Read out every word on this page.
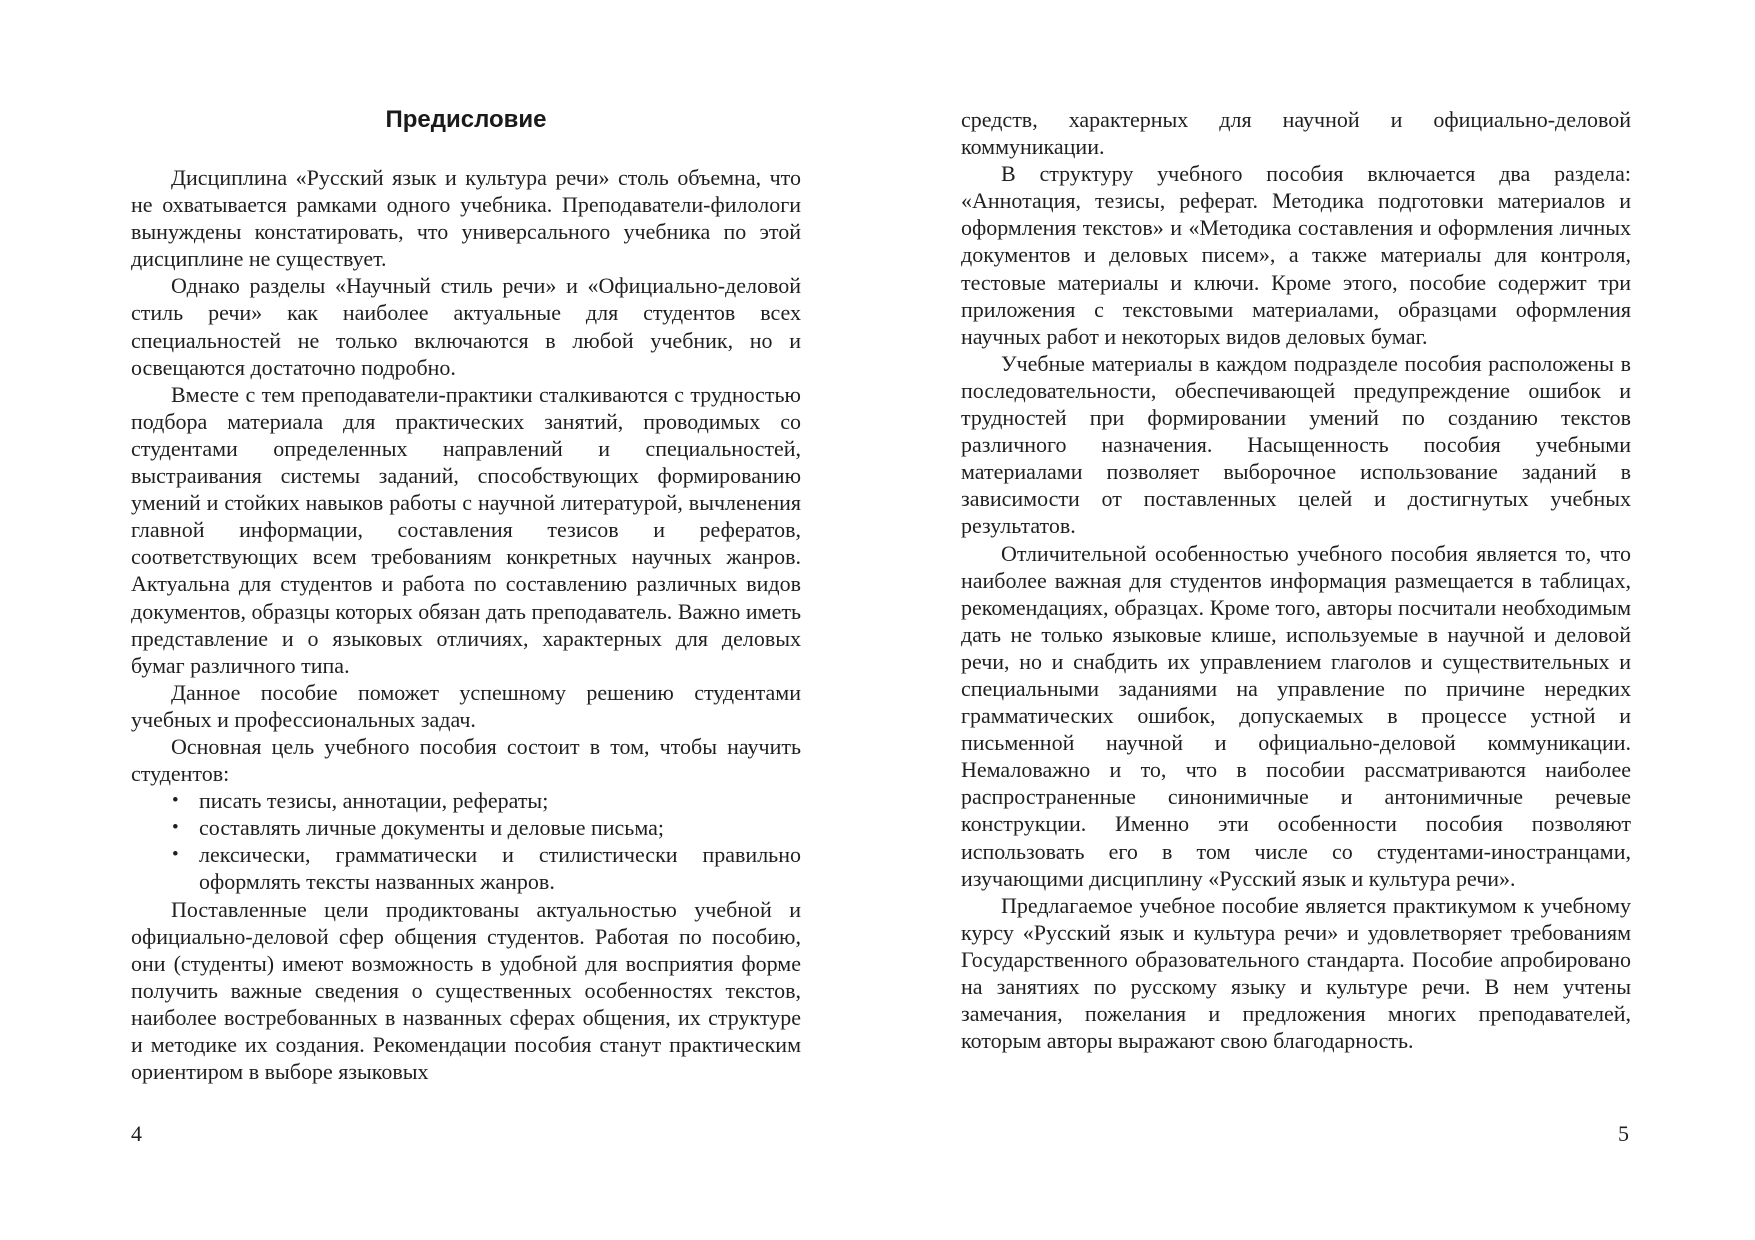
Предисловие

Дисциплина «Русский язык и культура речи» столь объемна, что не охватывается рамками одного учебника. Преподаватели-филологи вынуждены констатировать, что универсального учебника по этой дисциплине не существует.

Однако разделы «Научный стиль речи» и «Официально-деловой стиль речи» как наиболее актуальные для студентов всех специальностей не только включаются в любой учебник, но и освещаются достаточно подробно.

Вместе с тем преподаватели-практики сталкиваются с трудностью подбора материала для практических занятий, проводимых со студентами определенных направлений и специальностей, выстраивания системы заданий, способствующих формированию умений и стойких навыков работы с научной литературой, вычленения главной информации, составления тезисов и рефератов, соответствующих всем требованиям конкретных научных жанров. Актуальна для студентов и работа по составлению различных видов документов, образцы которых обязан дать преподаватель. Важно иметь представление и о языковых отличиях, характерных для деловых бумаг различного типа.

Данное пособие поможет успешному решению студентами учебных и профессиональных задач.

Основная цель учебного пособия состоит в том, чтобы научить студентов:

• писать тезисы, аннотации, рефераты;
• составлять личные документы и деловые письма;
• лексически, грамматически и стилистически правильно оформлять тексты названных жанров.

Поставленные цели продиктованы актуальностью учебной и официально-деловой сфер общения студентов. Работая по пособию, они (студенты) имеют возможность в удобной для восприятия форме получить важные сведения о существенных особенностях текстов, наиболее востребованных в названных сферах общения, их структуре и методике их создания. Рекомендации пособия станут практическим ориентиром в выборе языковых

4

средств, характерных для научной и официально-деловой коммуникации.

В структуру учебного пособия включается два раздела: «Аннотация, тезисы, реферат. Методика подготовки материалов и оформления текстов» и «Методика составления и оформления личных документов и деловых писем», а также материалы для контроля, тестовые материалы и ключи. Кроме этого, пособие содержит три приложения с текстовыми материалами, образцами оформления научных работ и некоторых видов деловых бумаг.

Учебные материалы в каждом подразделе пособия расположены в последовательности, обеспечивающей предупреждение ошибок и трудностей при формировании умений по созданию текстов различного назначения. Насыщенность пособия учебными материалами позволяет выборочное использование заданий в зависимости от поставленных целей и достигнутых учебных результатов.

Отличительной особенностью учебного пособия является то, что наиболее важная для студентов информация размещается в таблицах, рекомендациях, образцах. Кроме того, авторы посчитали необходимым дать не только языковые клише, используемые в научной и деловой речи, но и снабдить их управлением глаголов и существительных и специальными заданиями на управление по причине нередких грамматических ошибок, допускаемых в процессе устной и письменной научной и официально-деловой коммуникации. Немаловажно и то, что в пособии рассматриваются наиболее распространенные синонимичные и антонимичные речевые конструкции. Именно эти особенности пособия позволяют использовать его в том числе со студентами-иностранцами, изучающими дисциплину «Русский язык и культура речи».

Предлагаемое учебное пособие является практикумом к учебному курсу «Русский язык и культура речи» и удовлетворяет требованиям Государственного образовательного стандарта. Пособие апробировано на занятиях по русскому языку и культуре речи. В нем учтены замечания, пожелания и предложения многих преподавателей, которым авторы выражают свою благодарность.

5
